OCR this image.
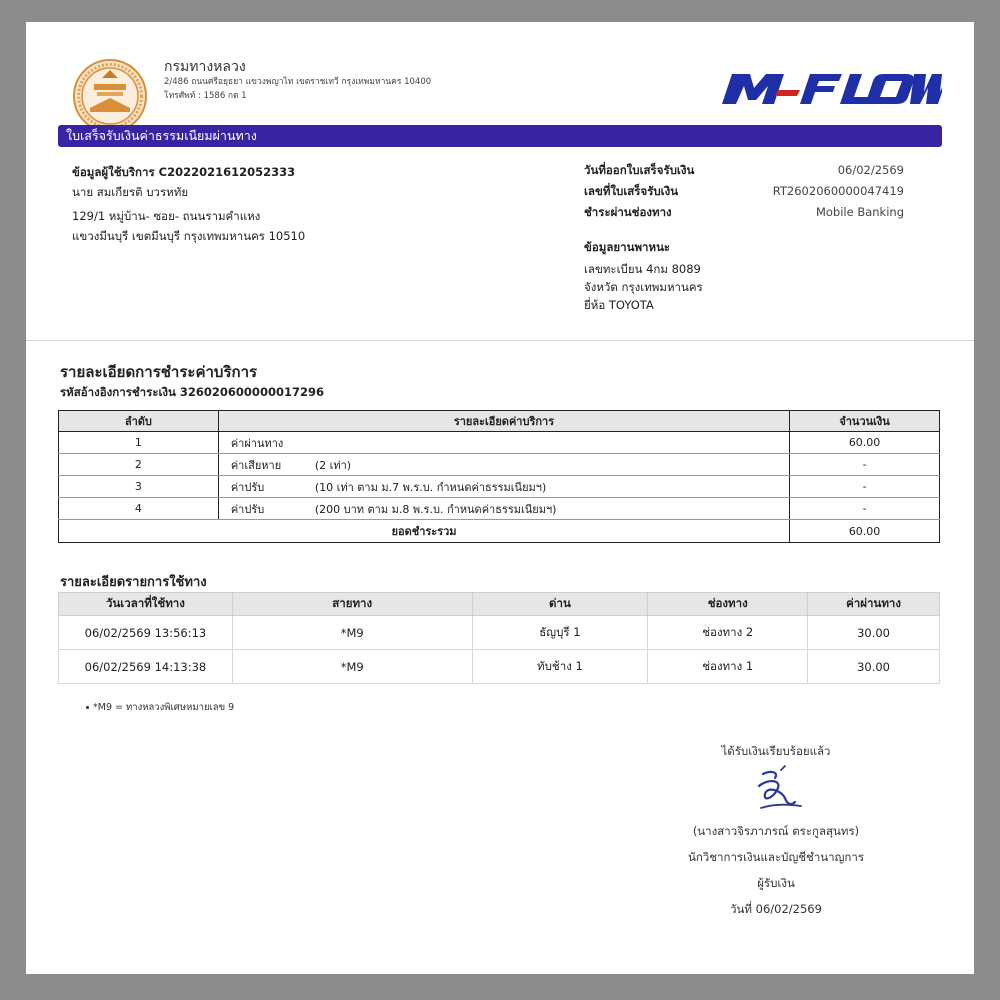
กรมทางหลวง
2/486 ถนนศรีอยุธยา แขวงพญาไท เขตราชเทวี กรุงเทพมหานคร 10400
โทรศัพท์ : 1586 กด 1
ใบเสร็จรับเงินค่าธรรมเนียมผ่านทาง
ข้อมูลผู้ใช้บริการ C2022021612052333
นาย สมเกียรติ บวรหทัย
129/1 หมู่บ้าน- ซอย- ถนนรามคำแหง
แขวงมีนบุรี เขตมีนบุรี กรุงเทพมหานคร 10510
วันที่ออกใบเสร็จรับเงิน	06/02/2569
เลขที่ใบเสร็จรับเงิน	RT2602060000047419
ชำระผ่านช่องทาง	Mobile Banking
ข้อมูลยานพาหนะ
เลขทะเบียน 4กม 8089
จังหวัด กรุงเทพมหานคร
ยี่ห้อ TOYOTA
รายละเอียดการชำระค่าบริการ
รหัสอ้างอิงการชำระเงิน 326020600000017296
ลำดับ	รายละเอียดค่าบริการ	จำนวนเงิน
1	ค่าผ่านทาง	60.00
2	ค่าเสียหาย (2 เท่า)	-
3	ค่าปรับ (10 เท่า ตาม ม.7 พ.ร.บ. กำหนดค่าธรรมเนียมฯ)	-
4	ค่าปรับ (200 บาท ตาม ม.8 พ.ร.บ. กำหนดค่าธรรมเนียมฯ)	-
ยอดชำระรวม		60.00
รายละเอียดรายการใช้ทาง
วันเวลาที่ใช้ทาง	สายทาง	ด่าน	ช่องทาง	ค่าผ่านทาง
06/02/2569 13:56:13	*M9	ธัญบุรี 1	ช่องทาง 2	30.00
06/02/2569 14:13:38	*M9	ทับช้าง 1	ช่องทาง 1	30.00
*M9 = ทางหลวงพิเศษหมายเลข 9
ได้รับเงินเรียบร้อยแล้ว
(นางสาวจิรภาภรณ์ ตระกูลสุนทร)
นักวิชาการเงินและบัญชีชำนาญการ
ผู้รับเงิน
วันที่ 06/02/2569
